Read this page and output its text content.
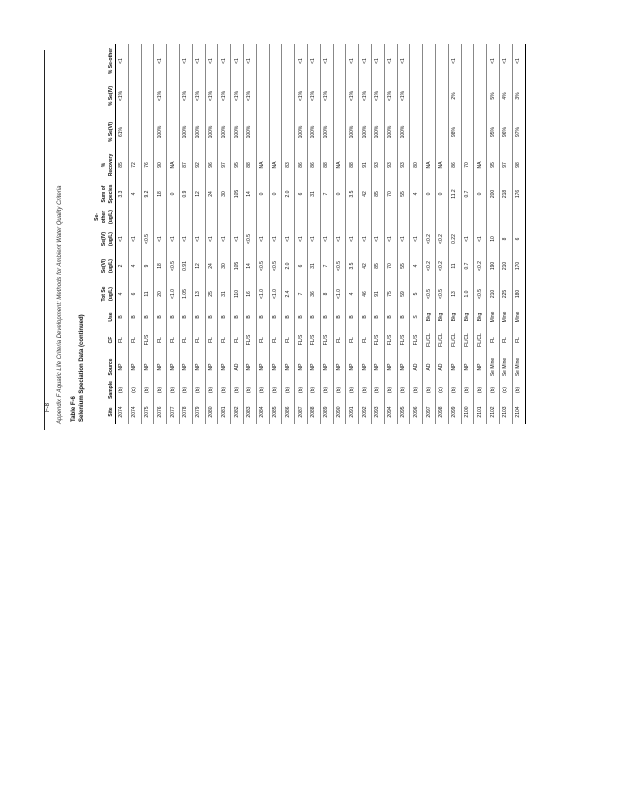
Appendix F Aquatic Life Criteria Development: Methods for Ambient Water Quality Criteria Table F-6 Selenium Speciation Data (continued)	Site	Sample	Source	CF	Use	Tot Se (ug/L)	Se(VI) (ug/L)	Se(IV) (ug/L)	Se-other (ug/L)	Sum of Species	% Recovery	% Se(VI)	% Se(IV)	% Se-other
2074	(b)	NP	FL	B	4	2	<1		3.3	85	61%	<1%	<1
2074	(c)	NP	FL	B	6	4	<1		4	72			
2075	(b)	NP	FL/S	B	11	9	<0.5		9.2	76			
2076	(b)	NP	FL	B	20	18	<1		18	90	100%	<1%	<1
2077	(b)	NP	FL	B	<1.0	<0.5	<1		0	NA			
2078	(b)	NP	FL	B	1.05	0.91	<1		0.9	87	100%	<1%	<1
2079	(b)	NP	FL	B	13	12	<1		12	92	100%	<1%	<1
2080	(b)	NP	FL	B	25	24	<1		24	96	100%	<1%	<1
2081	(b)	NP	FL	B	31	30	<1		30	97	100%	<1%	<1
2082	(b)	AD	FL	B	110	105	<1		105	95	100%	<1%	<1
2083	(b)	NP	FL/S	B	16	14	<0.5		14	88	100%	<1%	<1
2084	(b)	NP	FL	B	<1.0	<0.5	<1		0	NA			
2085	(b)	NP	FL	B	<1.0	<0.5	<1		0	NA			
2086	(b)	NP	FL	B	2.4	2.0	<1		2.0	83			
2087	(b)	NP	FL/S	B	7	6	<1		6	86	100%	<1%	<1
2088	(b)	NP	FL/S	B	36	31	<1		31	86	100%	<1%	<1
2089	(b)	NP	FL/S	B	8	7	<1		7	88	100%	<1%	<1
2090	(b)	NP	FL	B	<1.0	<0.5	<1		0	NA			
2091	(b)	NP	FL	B	4	3.5	<1		3.5	88	100%	<1%	<1
2092	(b)	NP	FL	B	46	42	<1		42	91	100%	<1%	<1
2093	(b)	NP	FL/S	B	91	85	<1		85	93	100%	<1%	<1
2094	(b)	NP	FL/S	B	75	70	<1		70	93	100%	<1%	<1
2095	(b)	NP	FL/S	B	59	55	<1		55	93	100%	<1%	<1
2096	(b)	AD	FL/S	S	5	4	<1		4	80			
2097	(b)	AD	FL/CL	Bkg	<0.5	<0.2	<0.2		0	NA			
2098	(c)	AD	FL/CL	Bkg	<0.5	<0.2	<0.2		0	NA			
2099	(b)	NP	FL/CL	Bkg	13	11	0.22		11.2	86	98%	2%	<1
2100	(b)	NP	FL/CL	Bkg	1.0	0.7	<1		0.7	70			
2101	(b)	NP	FL/CL	Bkg	<0.5	<0.2	<1		0	NA			
2102	(b)	Se Mine	FL	Mine	210	190	10		200	95	95%	5%	<1
2103	(c)	Se Mine	FL	Mine	225	210	8		218	97	96%	4%	<1
2104	(b)	Se Mine	FL	Mine	180	170	6		176	98	97%	3%	<1
F-8
